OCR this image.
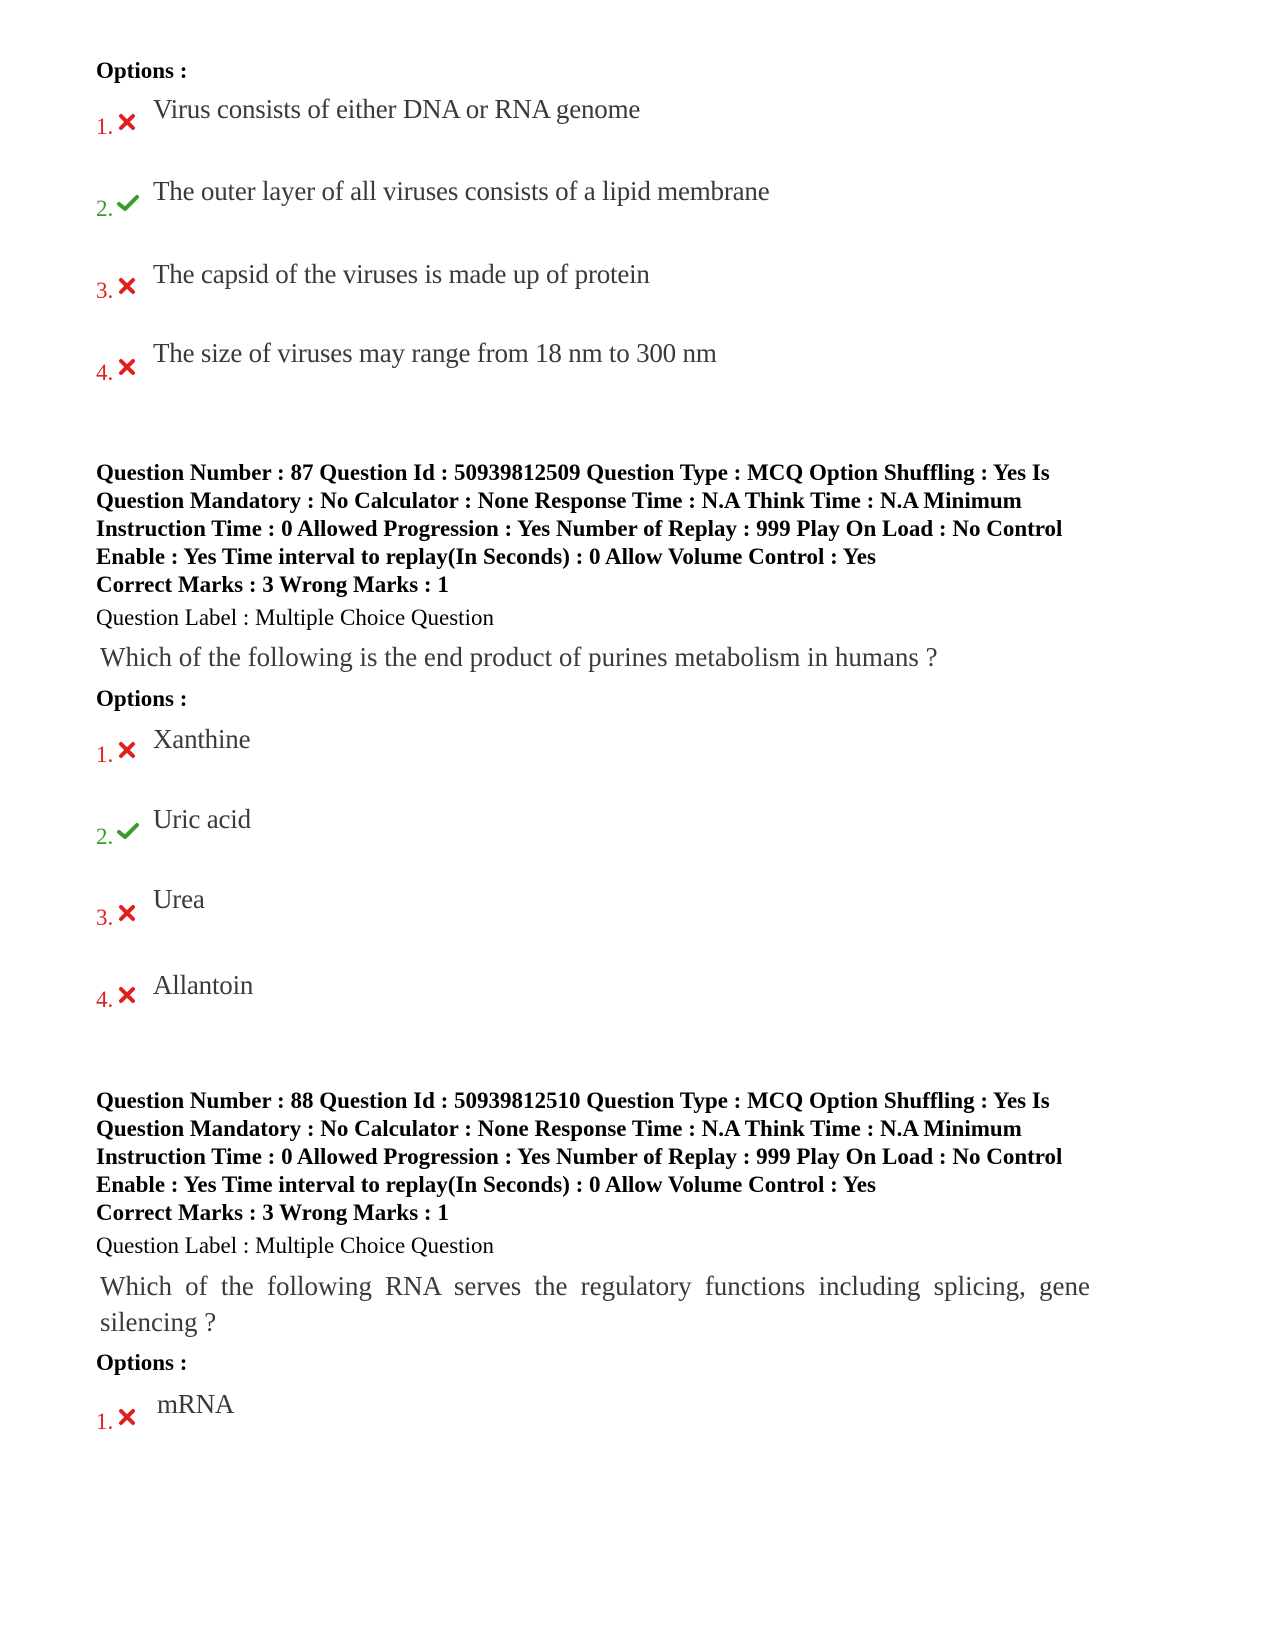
Options :
1.
Virus consists of either DNA or RNA genome
2.
The outer layer of all viruses consists of a lipid membrane
3.
The capsid of the viruses is made up of protein
4.
The size of viruses may range from 18 nm to 300 nm
Question Number : 87 Question Id : 50939812509 Question Type : MCQ Option Shuffling : Yes Is
Question Mandatory : No Calculator : None Response Time : N.A Think Time : N.A Minimum
Instruction Time : 0 Allowed Progression : Yes Number of Replay : 999 Play On Load : No Control
Enable : Yes Time interval to replay(In Seconds) : 0 Allow Volume Control : Yes
Correct Marks : 3 Wrong Marks : 1
Question Label : Multiple Choice Question
Which of the following is the end product of purines metabolism in humans ?
Options :
1.
Xanthine
2.
Uric acid
3.
Urea
4. Allantoin
Question Number : 88 Question Id : 50939812510 Question Type : MCQ Option Shuffling : Yes Is
Question Mandatory : No Calculator : None Response Time : N.A Think Time : N.A Minimum
Instruction Time : 0 Allowed Progression : Yes Number of Replay : 999 Play On Load : No Control
Enable : Yes Time interval to replay(In Seconds) : 0 Allow Volume Control : Yes
Correct Marks : 3 Wrong Marks : 1
Question Label : Multiple Choice Question
Which of the following RNA serves the regulatory functions including splicing, gene
silencing ?
Options :
1.
mRNA
